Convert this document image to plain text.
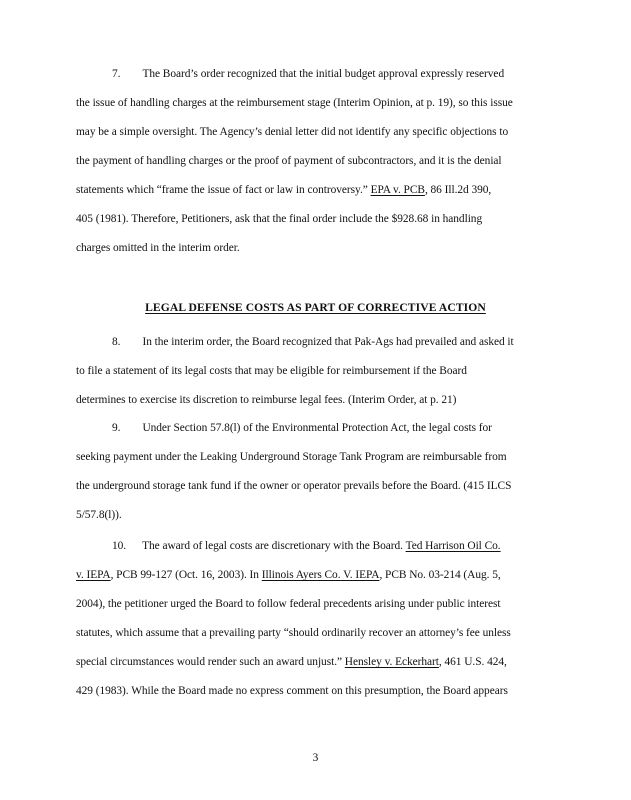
7. The Board’s order recognized that the initial budget approval expressly reserved
the issue of handling charges at the reimbursement stage (Interim Opinion, at p. 19), so this issue
may be a simple oversight. The Agency’s denial letter did not identify any specific objections to
the payment of handling charges or the proof of payment of subcontractors, and it is the denial
statements which “frame the issue of fact or law in controversy.” EPA v. PCB, 86 Ill.2d 390,
405 (1981). Therefore, Petitioners, ask that the final order include the $928.68 in handling
charges omitted in the interim order.

LEGAL DEFENSE COSTS AS PART OF CORRECTIVE ACTION

8. In the interim order, the Board recognized that Pak-Ags had prevailed and asked it
to file a statement of its legal costs that may be eligible for reimbursement if the Board
determines to exercise its discretion to reimburse legal fees. (Interim Order, at p. 21)
9. Under Section 57.8(l) of the Environmental Protection Act, the legal costs for
seeking payment under the Leaking Underground Storage Tank Program are reimbursable from
the underground storage tank fund if the owner or operator prevails before the Board. (415 ILCS
5/57.8(l)).
10. The award of legal costs are discretionary with the Board. Ted Harrison Oil Co.
v. IEPA, PCB 99-127 (Oct. 16, 2003). In Illinois Ayers Co. V. IEPA, PCB No. 03-214 (Aug. 5,
2004), the petitioner urged the Board to follow federal precedents arising under public interest
statutes, which assume that a prevailing party “should ordinarily recover an attorney’s fee unless
special circumstances would render such an award unjust.” Hensley v. Eckerhart, 461 U.S. 424,
429 (1983). While the Board made no express comment on this presumption, the Board appears

3
